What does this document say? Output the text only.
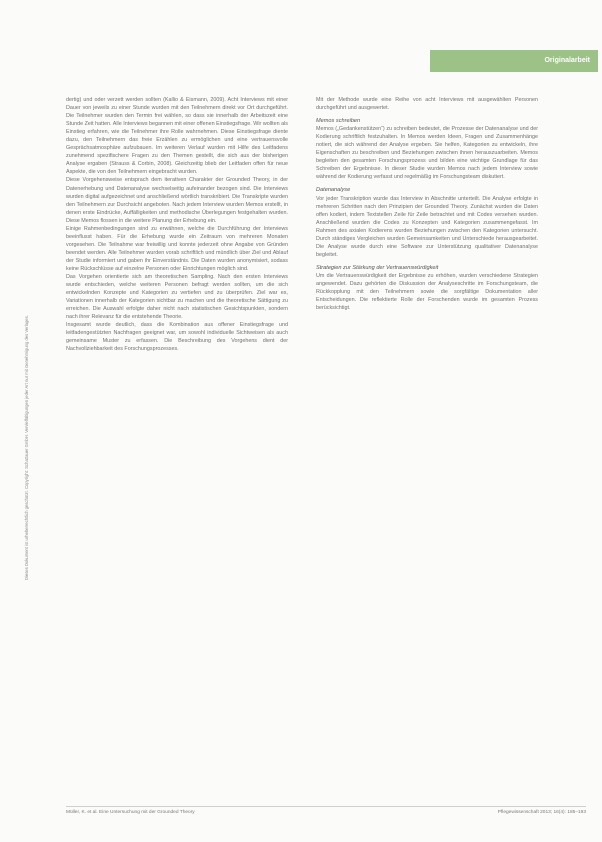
Originalarbeit
Dieses Dokument ist urheberrechtlich geschützt. Copyright: Schattauer GmbH. Vervielfältigungen jeder Art nur mit Genehmigung des Verlages.

dertig) und oder verzett werden sollten (Kallio & Eismann, 2009). Acht Interviews mit einer Dauer von jeweils zu einer Stunde wurden mit den Teilnehmern direkt vor Ort durchgeführt. Die Teilnehmer wurden den Termin frei wählen, so dass sie innerhalb der Arbeitszeit eine Stunde Zeit hatten. Alle Interviews begannen mit einer offenen Einstiegsfrage. Wir wollten als Einstieg erfahren, wie die Teilnehmer ihre Rolle wahrnehmen. Diese Einstiegsfrage diente dazu, den Teilnehmern das freie Erzählen zu ermöglichen und eine vertrauensvolle Gesprächsatmosphäre aufzubauen. Im weiteren Verlauf wurden mit Hilfe des Leitfadens zunehmend spezifischere Fragen zu den Themen gestellt, die sich aus der bisherigen Analyse ergaben (Strauss & Corbin, 2008). Gleichzeitig blieb der Leitfaden offen für neue Aspekte, die von den Teilnehmern eingebracht wurden.

Diese Vorgehensweise entsprach dem iterativen Charakter der Grounded Theory, in der Datenerhebung und Datenanalyse wechselseitig aufeinander bezogen sind. Die Interviews wurden digital aufgezeichnet und anschließend wörtlich transkribiert. Die Transkripte wurden den Teilnehmern zur Durchsicht angeboten. Nach jedem Interview wurden Memos erstellt, in denen erste Eindrücke, Auffälligkeiten und methodische Überlegungen festgehalten wurden. Diese Memos flossen in die weitere Planung der Erhebung ein.

Einige Rahmenbedingungen sind zu erwähnen, welche die Durchführung der Interviews beeinflusst haben. Für die Erhebung wurde ein Zeitraum von mehreren Monaten vorgesehen. Die Teilnahme war freiwillig und konnte jederzeit ohne Angabe von Gründen beendet werden. Alle Teilnehmer wurden vorab schriftlich und mündlich über Ziel und Ablauf der Studie informiert und gaben ihr Einverständnis. Die Daten wurden anonymisiert, sodass keine Rückschlüsse auf einzelne Personen oder Einrichtungen möglich sind.

Das Vorgehen orientierte sich am theoretischen Sampling. Nach den ersten Interviews wurde entschieden, welche weiteren Personen befragt werden sollten, um die sich entwickelnden Konzepte und Kategorien zu vertiefen und zu überprüfen. Ziel war es, Variationen innerhalb der Kategorien sichtbar zu machen und die theoretische Sättigung zu erreichen. Die Auswahl erfolgte daher nicht nach statistischen Gesichtspunkten, sondern nach ihrer Relevanz für die entstehende Theorie.

Insgesamt wurde deutlich, dass die Kombination aus offener Einstiegsfrage und leitfadengestützten Nachfragen geeignet war, um sowohl individuelle Sichtweisen als auch gemeinsame Muster zu erfassen. Die Beschreibung des Vorgehens dient der Nachvollziehbarkeit des Forschungsprozesses.

Mit der Methode wurde eine Reihe von acht Interviews mit ausgewählten Personen durchgeführt und ausgewertet.

Memos schreiben

Memos („Gedankenstützen“) zu schreiben bedeutet, die Prozesse der Datenanalyse und der Kodierung schriftlich festzuhalten. In Memos werden Ideen, Fragen und Zusammenhänge notiert, die sich während der Analyse ergeben. Sie helfen, Kategorien zu entwickeln, ihre Eigenschaften zu beschreiben und Beziehungen zwischen ihnen herauszuarbeiten. Memos begleiten den gesamten Forschungsprozess und bilden eine wichtige Grundlage für das Schreiben der Ergebnisse. In dieser Studie wurden Memos nach jedem Interview sowie während der Kodierung verfasst und regelmäßig im Forschungsteam diskutiert.

Datenanalyse

Vor jeder Transkription wurde das Interview in Abschnitte unterteilt. Die Analyse erfolgte in mehreren Schritten nach den Prinzipien der Grounded Theory. Zunächst wurden die Daten offen kodiert, indem Textstellen Zeile für Zeile betrachtet und mit Codes versehen wurden. Anschließend wurden die Codes zu Konzepten und Kategorien zusammengefasst. Im Rahmen des axialen Kodierens wurden Beziehungen zwischen den Kategorien untersucht. Durch ständiges Vergleichen wurden Gemeinsamkeiten und Unterschiede herausgearbeitet. Die Analyse wurde durch eine Software zur Unterstützung qualitativer Datenanalyse begleitet.

Strategien zur Stärkung der Vertrauenswürdigkeit

Um die Vertrauenswürdigkeit der Ergebnisse zu erhöhen, wurden verschiedene Strategien angewendet. Dazu gehörten die Diskussion der Analyseschritte im Forschungsteam, die Rückkopplung mit den Teilnehmern sowie die sorgfältige Dokumentation aller Entscheidungen. Die reflektierte Rolle der Forschenden wurde im gesamten Prozess berücksichtigt.

Müller, K. et al. Eine Untersuchung mit der Grounded Theory	Pflegewissenschaft 2013; 16(4): 185–193
